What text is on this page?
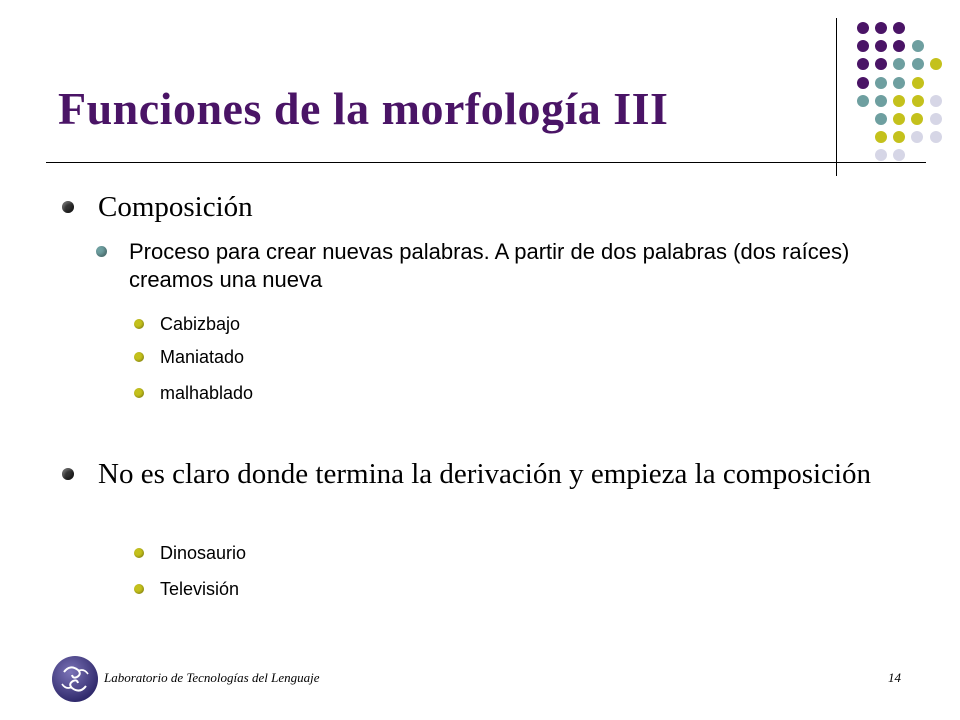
Funciones de la morfología III
Composición
Proceso para crear nuevas palabras. A partir de dos palabras (dos raíces) creamos una nueva
Cabizbajo
Maniatado
malhablado
No es claro donde termina la derivación y empieza la composición
Dinosaurio
Televisión
Laboratorio de Tecnologías del Lenguaje	14
